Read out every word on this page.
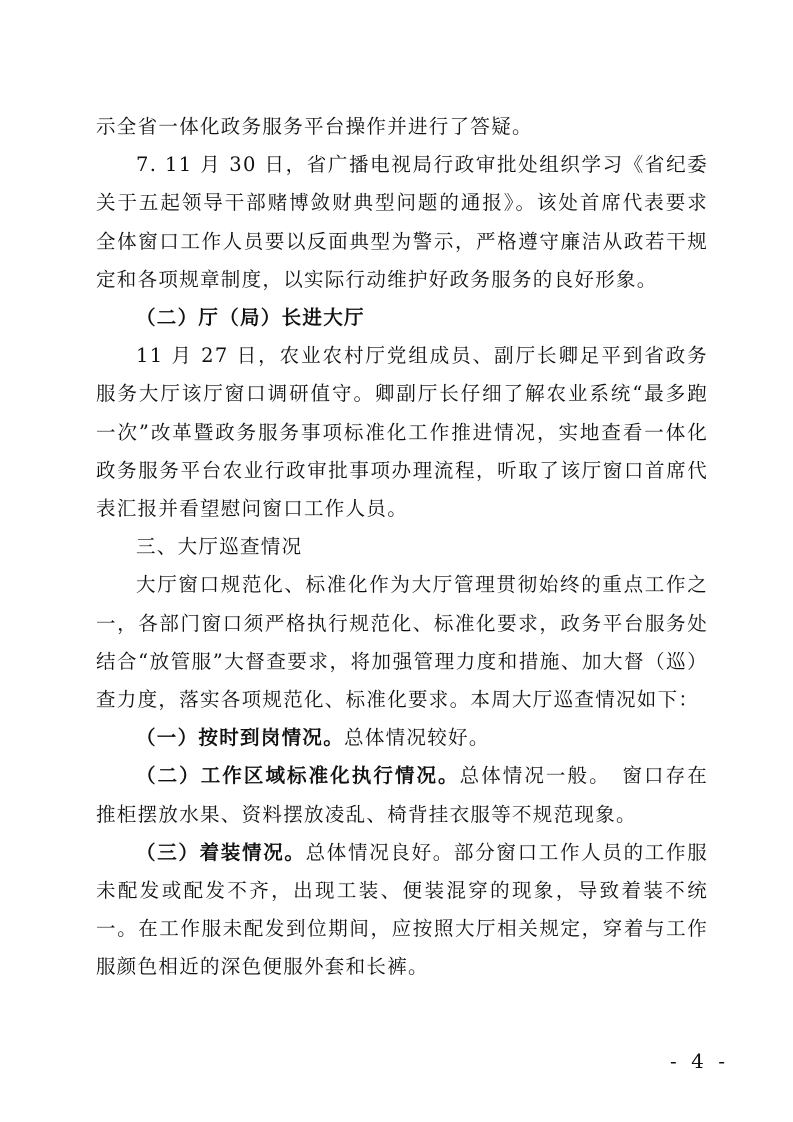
示全省一体化政务服务平台操作并进行了答疑。

7. 11 月 30 日，省广播电视局行政审批处组织学习《省纪委关于五起领导干部赌博敛财典型问题的通报》。该处首席代表要求全体窗口工作人员要以反面典型为警示，严格遵守廉洁从政若干规定和各项规章制度，以实际行动维护好政务服务的良好形象。

（二）厅（局）长进大厅

11 月 27 日，农业农村厅党组成员、副厅长卿足平到省政务服务大厅该厅窗口调研值守。卿副厅长仔细了解农业系统“最多跑一次”改革暨政务服务事项标准化工作推进情况，实地查看一体化政务服务平台农业行政审批事项办理流程，听取了该厅窗口首席代表汇报并看望慰问窗口工作人员。

三、大厅巡查情况

大厅窗口规范化、标准化作为大厅管理贯彻始终的重点工作之一，各部门窗口须严格执行规范化、标准化要求，政务平台服务处结合“放管服”大督查要求，将加强管理力度和措施、加大督（巡）查力度，落实各项规范化、标准化要求。本周大厅巡查情况如下：

（一）按时到岗情况。总体情况较好。

（二）工作区域标准化执行情况。总体情况一般。　窗口存在推柜摆放水果、资料摆放凌乱、椅背挂衣服等不规范现象。

（三）着装情况。总体情况良好。部分窗口工作人员的工作服未配发或配发不齐，出现工装、便装混穿的现象，导致着装不统一。在工作服未配发到位期间，应按照大厅相关规定，穿着与工作服颜色相近的深色便服外套和长裤。

- 4 -
